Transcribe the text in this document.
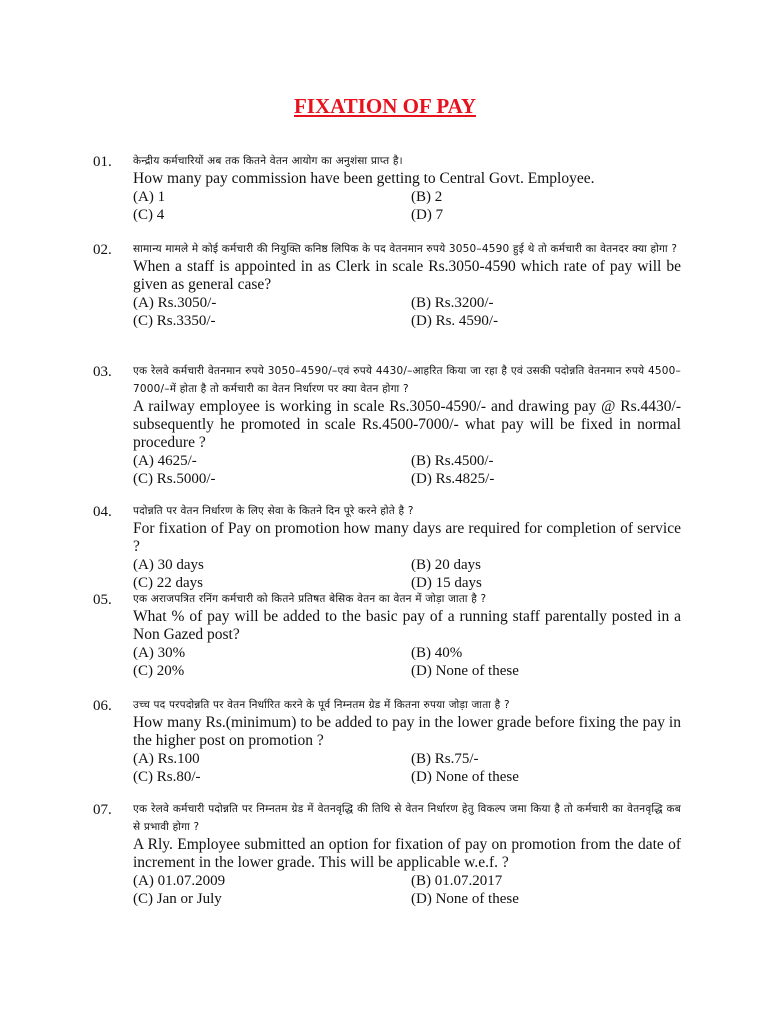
FIXATION OF PAY
01. केन्द्रीय कर्मचारियों अब तक कितने वेतन आयोग का अनुशंसा प्राप्त है।
How many pay commission have been getting to Central Govt. Employee.
(A) 1	(B) 2
(C) 4	(D) 7
02. सामान्य मामले मे कोई कर्मचारी की नियुक्ति कनिष्ठ लिपिक के पद वेतनमान रुपये 3050–4590 हुई थे तो कर्मचारी का वेतनदर क्या होगा ?
When a staff is appointed in as Clerk in scale Rs.3050-4590 which rate of pay will be given as general case?
(A) Rs.3050/-	(B) Rs.3200/-
(C) Rs.3350/-	(D) Rs. 4590/-
03. एक रेलवे कर्मचारी वेतनमान रुपये 3050–4590/–एवं रुपये 4430/–आहरित किया जा रहा है एवं उसकी पदोन्नति वेतनमान रुपये 4500–7000/–में होता है तो कर्मचारी का वेतन निर्धारण पर क्या वेतन होगा ?
A railway employee is working in scale Rs.3050-4590/- and drawing pay @ Rs.4430/- subsequently he promoted in scale Rs.4500-7000/- what pay will be fixed in normal procedure ?
(A) 4625/-	(B) Rs.4500/-
(C) Rs.5000/-	(D) Rs.4825/-
04. पदोन्नति पर वेतन निर्धारण के लिए सेवा के कितने दिन पूरे करने होते है ?
For fixation of Pay on promotion how many days are required for completion of service ?
(A) 30 days	(B) 20 days
(C) 22 days	(D) 15 days
05. एक अराजपत्रित रनिंग कर्मचारी को कितने प्रतिषत बेसिक वेतन का वेतन में जोड़ा जाता है ?
What % of pay will be added to the basic pay of a running staff parentally posted in a Non Gazed post?
(A) 30%	(B) 40%
(C) 20%	(D) None of these
06. उच्च पद परपदोन्नति पर वेतन निर्धारित करने के पूर्व निम्नतम ग्रेड में कितना रुपया जोड़ा जाता है ?
How many Rs.(minimum) to be added to pay in the lower grade before fixing the pay in the higher post on promotion ?
(A) Rs.100	(B) Rs.75/-
(C) Rs.80/-	(D) None of these
07. एक रेलवे कर्मचारी पदोन्नति पर निम्नतम ग्रेड में वेतनवृद्धि की तिथि से वेतन निर्धारण हेतु विकल्प जमा किया है तो कर्मचारी का वेतनवृद्धि कब से प्रभावी होगा ?
A Rly. Employee submitted an option for fixation of pay on promotion from the date of increment in the lower grade. This will be applicable w.e.f. ?
(A) 01.07.2009	(B) 01.07.2017
(C) Jan or July	(D) None of these
